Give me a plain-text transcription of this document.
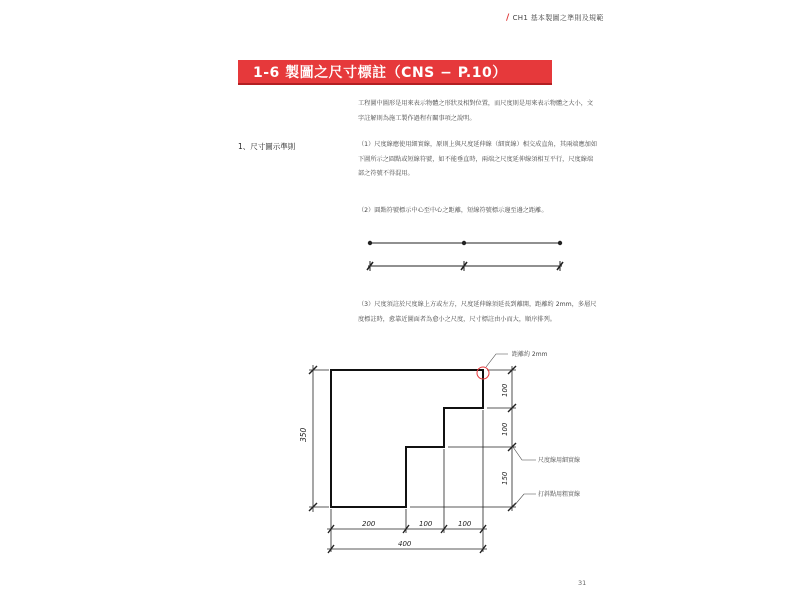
/ CH1 基本製圖之準則及規範
1-6 製圖之尺寸標註（CNS − P.10）
工程圖中圖形是用來表示物體之形狀及相對位置，而尺度則是用來表示物體之大小，文字註解則為施工製作過程有關事項之說明。
1、尺寸圖示準則	（1）尺度線應使用細實線，原則上與尺度延伸線（細實線）相交成直角，其兩端應加如下圖所示之圓點或短線符號，如不能垂直時，兩端之尺度延伸線須相互平行，尺度線端部之符號不得混用。
（2）圓點符號標示中心至中心之距離，短線符號標示邊至邊之距離。
（3）尺度須註於尺度線上方或左方，尺度延伸線須延長到離開，距離約 2mm，多層尺度標註時，愈靠近圖面者為愈小之尺度，尺寸標註由小而大，順序排列。
350
200	100	100
400
100
100
150
距離約 2mm
尺度線用細實線
打斜點用粗實線
31
